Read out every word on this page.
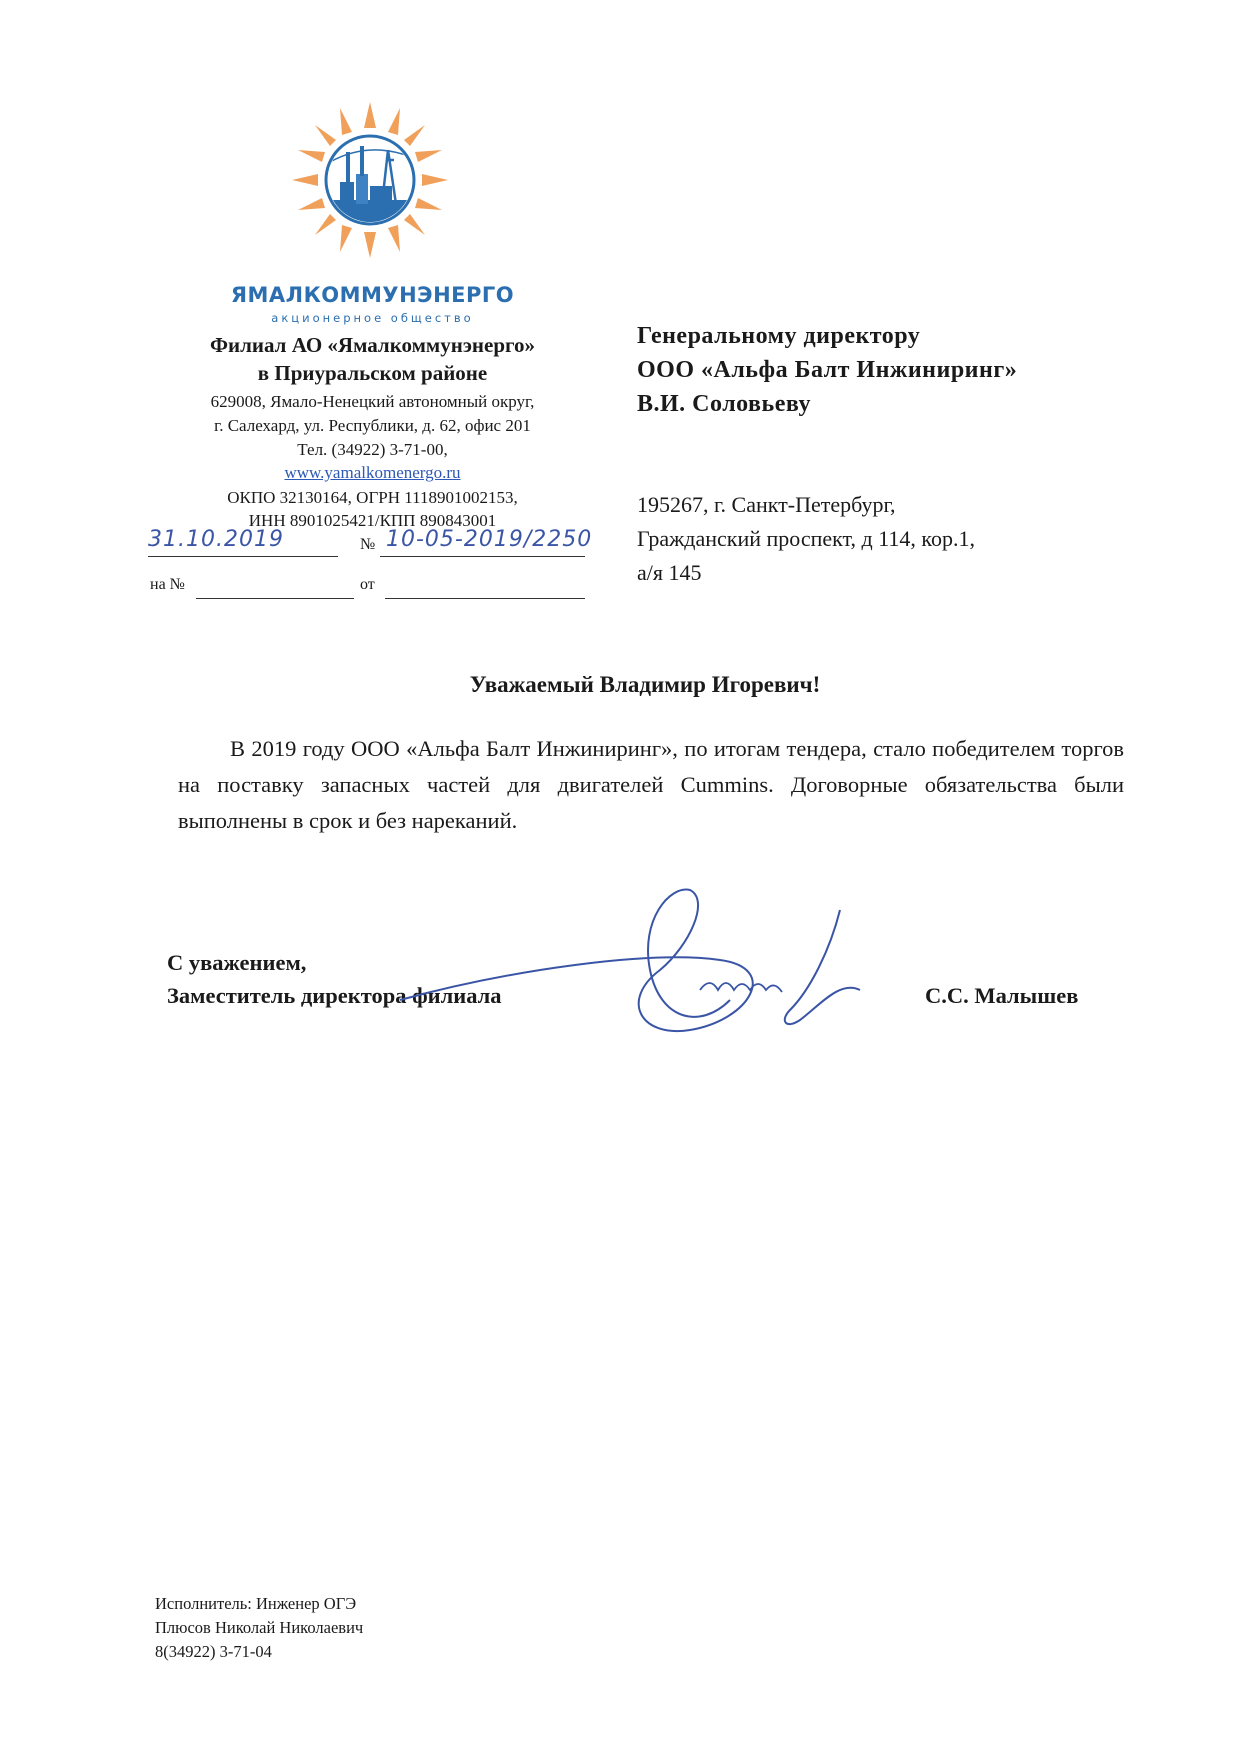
ЯМАЛКОММУНЭНЕРГО
акционерное общество
Филиал АО «Ямалкоммунэнерго»
в Приуральском районе
629008, Ямало-Ненецкий автономный округ,
г. Салехард, ул. Республики, д. 62, офис 201
Тел. (34922) 3-71-00,
www.yamalkomenergo.ru
ОКПО 32130164, ОГРН 1118901002153,
ИНН 8901025421/КПП 890843001
31.10.2019	№ 10-05-2019/2250
на №	от
Генеральному директору
ООО «Альфа Балт Инжиниринг»
В.И. Соловьеву
195267, г. Санкт-Петербург,
Гражданский проспект, д 114, кор.1,
а/я 145
Уважаемый Владимир Игоревич!
В 2019 году ООО «Альфа Балт Инжиниринг», по итогам тендера, стало победителем торгов на поставку запасных частей для двигателей Cummins. Договорные обязательства были выполнены в срок и без нареканий.
С уважением,
Заместитель директора филиала	С.С. Малышев
Исполнитель: Инженер ОГЭ
Плюсов Николай Николаевич
8(34922) 3-71-04
